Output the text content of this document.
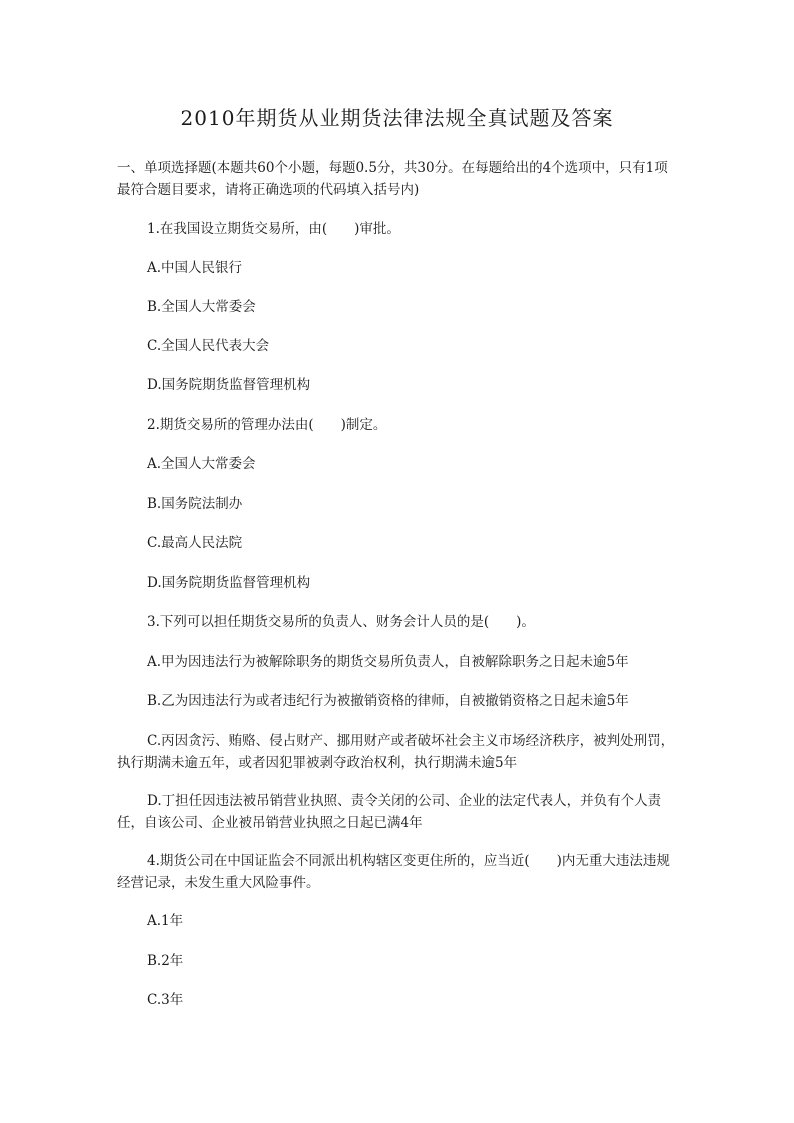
2010年期货从业期货法律法规全真试题及答案
一、单项选择题(本题共60个小题，每题0.5分，共30分。在每题给出的4个选项中，只有1项最符合题目要求，请将正确选项的代码填入括号内)
1.在我国设立期货交易所，由(　　)审批。
A.中国人民银行
B.全国人大常委会
C.全国人民代表大会
D.国务院期货监督管理机构
2.期货交易所的管理办法由(　　)制定。
A.全国人大常委会
B.国务院法制办
C.最高人民法院
D.国务院期货监督管理机构
3.下列可以担任期货交易所的负责人、财务会计人员的是(　　)。
A.甲为因违法行为被解除职务的期货交易所负责人，自被解除职务之日起未逾5年
B.乙为因违法行为或者违纪行为被撤销资格的律师，自被撤销资格之日起未逾5年
C.丙因贪污、贿赂、侵占财产、挪用财产或者破坏社会主义市场经济秩序，被判处刑罚，执行期满未逾五年，或者因犯罪被剥夺政治权利，执行期满未逾5年
D.丁担任因违法被吊销营业执照、责令关闭的公司、企业的法定代表人，并负有个人责任，自该公司、企业被吊销营业执照之日起已满4年
4.期货公司在中国证监会不同派出机构辖区变更住所的，应当近(　　)内无重大违法违规经营记录，未发生重大风险事件。
A.1年
B.2年
C.3年
